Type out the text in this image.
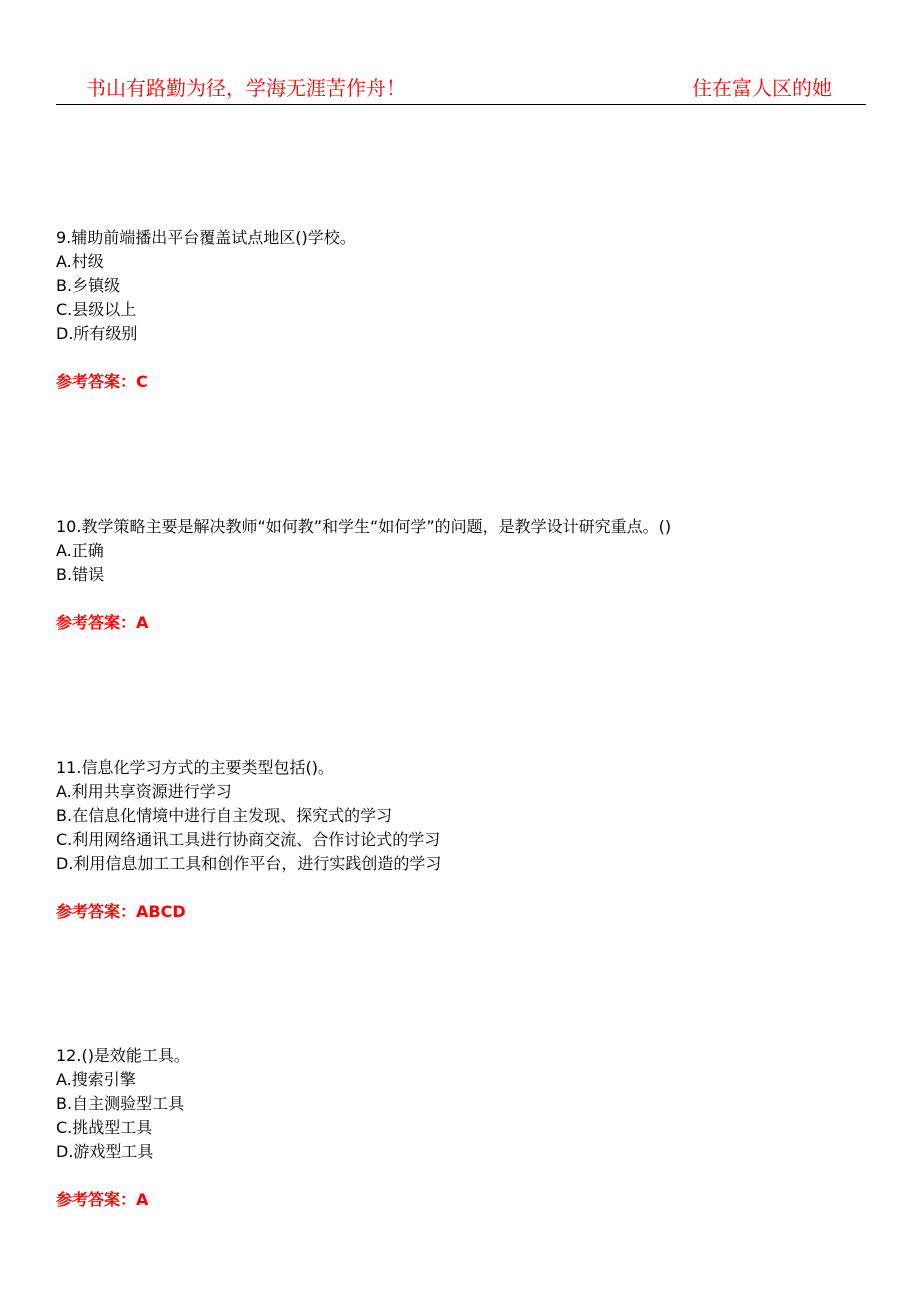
书山有路勤为径，学海无涯苦作舟！	住在富人区的她
9.辅助前端播出平台覆盖试点地区()学校。
A.村级
B.乡镇级
C.县级以上
D.所有级别
参考答案：C
10.教学策略主要是解决教师“如何教”和学生“如何学”的问题，是教学设计研究重点。()
A.正确
B.错误
参考答案：A
11.信息化学习方式的主要类型包括()。
A.利用共享资源进行学习
B.在信息化情境中进行自主发现、探究式的学习
C.利用网络通讯工具进行协商交流、合作讨论式的学习
D.利用信息加工工具和创作平台，进行实践创造的学习
参考答案：ABCD
12.()是效能工具。
A.搜索引擎
B.自主测验型工具
C.挑战型工具
D.游戏型工具
参考答案：A
